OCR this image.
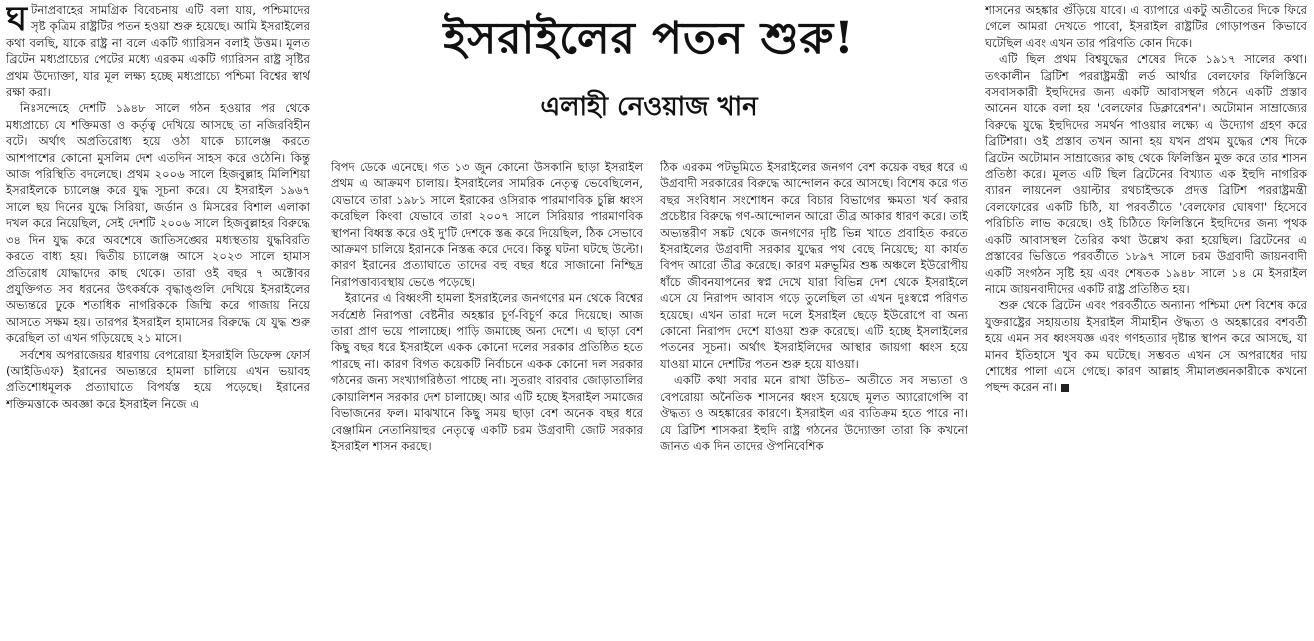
ঘটনাপ্রবাহের সামগ্রিক বিবেচনায় এটি বলা যায়, পশ্চিমাদের সৃষ্ট কৃত্রিম রাষ্ট্রটির পতন হওয়া শুরু হয়েছে। আমি ইসরাইলের কথা বলছি, যাকে রাষ্ট্র না বলে একটি গ্যারিসন বলাই উত্তম। মূলত ব্রিটেন মধ্যপ্রাচ্যের পেটের মধ্যে এরকম একটি গ্যারিসন রাষ্ট্র সৃষ্টির প্রথম উদ্যোক্তা, যার মূল লক্ষ্য হচ্ছে মধ্যপ্রাচ্যে পশ্চিমা বিশ্বের স্বার্থ রক্ষা করা।

নিঃসন্দেহে দেশটি ১৯৪৮ সালে গঠন হওয়ার পর থেকে মধ্যপ্রাচ্যে যে শক্তিমত্তা ও কর্তৃত্ব দেখিয়ে আসছে তা নজিরবিহীন বটে। অর্থাৎ অপ্রতিরোধ্য হয়ে ওঠা যাকে চ্যালেঞ্জ করতে আশপাশের কোনো মুসলিম দেশ এতদিন সাহস করে ওঠেনি। কিন্তু আজ পরিস্থিতি বদলেছে। প্রথম ২০০৬ সালে হিজবুল্লাহ মিলিশিয়া ইসরাইলকে চ্যালেঞ্জ করে যুদ্ধ সূচনা করে। যে ইসরাইল ১৯৬৭ সালে ছয় দিনের যুদ্ধে সিরিয়া, জর্ডান ও মিসরের বিশাল এলাকা দখল করে নিয়েছিল, সেই দেশটি ২০০৬ সালে হিজবুল্লাহর বিরুদ্ধে ৩৪ দিন যুদ্ধ করে অবশেষে জাতিসঙ্ঘের মধ্যস্থতায় যুদ্ধবিরতি করতে বাধ্য হয়। দ্বিতীয় চ্যালেঞ্জ আসে ২০২৩ সালে হামাস প্রতিরোধ যোদ্ধাদের কাছ থেকে। তারা ওই বছর ৭ অক্টোবর প্রযুক্তিগত সব ধরনের উৎকর্ষকে বৃদ্ধাঙ্গুলি দেখিয়ে ইসরাইলের অভ্যন্তরে ঢুকে শতাধিক নাগরিককে জিম্মি করে গাজায় নিয়ে আসতে সক্ষম হয়। তারপর ইসরাইল হামাসের বিরুদ্ধে যে যুদ্ধ শুরু করেছিল তা এখন গড়িয়েছে ২১ মাসে।

সর্বশেষ অপরাজেয়র ধারণায় বেপরোয়া ইসরাইলি ডিফেন্স ফোর্স (আইডিএফ) ইরানের অভ্যন্তরে হামলা চালিয়ে এখন ভয়াবহ প্রতিশোধমূলক প্রত্যাঘাতে বিপর্যস্ত হয়ে পড়েছে। ইরানের শক্তিমত্তাকে অবজ্ঞা করে ইসরাইল নিজে এ

ইসরাইলের পতন শুরু!
এলাহী নেওয়াজ খান

বিপদ ডেকে এনেছে। গত ১৩ জুন কোনো উসকানি ছাড়া ইসরাইল প্রথম এ আক্রমণ চালায়। ইসরাইলের সামরিক নেতৃত্ব ভেবেছিলেন, যেভাবে তারা ১৯৮১ সালে ইরাকের ওসিরাক পারমাণবিক চুল্লি ধ্বংস করেছিল কিংবা যেভাবে তারা ২০০৭ সালে সিরিয়ার পারমাণবিক স্থাপনা বিধ্বস্ত করে ওই দু'টি দেশকে স্তব্ধ করে দিয়েছিল, ঠিক সেভাবে আক্রমণ চালিয়ে ইরানকে নিস্তব্ধ করে দেবে। কিন্তু ঘটনা ঘটছে উল্টো। কারণ ইরানের প্রত্যাঘাতে তাদের বহু বছর ধরে সাজানো নিশ্ছিদ্র নিরাপত্তাব্যবস্থায় ভেঙে পড়েছে।

ইরানের এ বিধ্বংসী হামলা ইসরাইলের জনগণের মন থেকে বিশ্বের সর্বশ্রেষ্ঠ নিরাপত্তা বেষ্টনীর অহঙ্কার চূর্ণ-বিচূর্ণ করে দিয়েছে। আজ তারা প্রাণ ভয়ে পালাচ্ছে। পাড়ি জমাচ্ছে অন্য দেশে। এ ছাড়া বেশ কিছু বছর ধরে ইসরাইলে একক কোনো দলের সরকার প্রতিষ্ঠিত হতে পারছে না। কারণ বিগত কয়েকটি নির্বাচনে একক কোনো দল সরকার গঠনের জন্য সংখ্যাগরিষ্ঠতা পাচ্ছে না। সুতরাং বারবার জোড়াতালির কোয়ালিশন সরকার দেশ চালাচ্ছে। আর এটি হচ্ছে ইসরাইল সমাজের বিভাজনের ফল। মাঝখানে কিছু সময় ছাড়া বেশ অনেক বছর ধরে বেঞ্জামিন নেতানিয়াহুর নেতৃত্বে একটি চরম উগ্রবাদী জোট সরকার ইসরাইল শাসন করছে।

ঠিক এরকম পটভূমিতে ইসরাইলের জনগণ বেশ কয়েক বছর ধরে এ উগ্রবাদী সরকারের বিরুদ্ধে আন্দোলন করে আসছে। বিশেষ করে গত বছর সংবিধান সংশোধন করে বিচার বিভাগের ক্ষমতা খর্ব করার প্রচেষ্টার বিরুদ্ধে গণ-আন্দোলন আরো তীব্র আকার ধারণ করে। তাই অভ্যন্তরীণ সঙ্কট থেকে জনগণের দৃষ্টি ভিন্ন খাতে প্রবাহিত করতে ইসরাইলের উগ্রবাদী সরকার যুদ্ধের পথ বেছে নিয়েছে; যা কার্যত বিপদ আরো তীব্র করেছে। কারণ মরুভূমির শুষ্ক অঞ্চলে ইউরোপীয় ধাঁচে জীবনযাপনের স্বপ্ন দেখে যারা বিভিন্ন দেশ থেকে ইসরাইলে এসে যে নিরাপদ আবাস গড়ে তুলেছিল তা এখন দুঃস্বপ্নে পরিণত হয়েছে। এখন তারা দলে দলে ইসরাইল ছেড়ে ইউরোপে বা অন্য কোনো নিরাপদ দেশে যাওয়া শুরু করেছে। এটি হচ্ছে ইসলাইলের পতনের সূচনা। অর্থাৎ ইসরাইলিদের আস্থার জায়গা ধ্বংস হয়ে যাওয়া মানে দেশটির পতন শুরু হয়ে যাওয়া।

একটি কথা সবার মনে রাখা উচিত– অতীতে সব সভ্যতা ও বেপরোয়া অনৈতিক শাসনের ধ্বংস হয়েছে মূলত অ্যারোগেন্সি বা ঔদ্ধত্য ও অহঙ্কারের কারণে। ইসরাইল এর ব্যতিক্রম হতে পারে না। যে ব্রিটিশ শাসকরা ইহুদি রাষ্ট্র গঠনের উদ্যোক্তা তারা কি কখনো জানত এক দিন তাদের ঔপনিবেশিক

শাসনের অহঙ্কার গুঁড়িয়ে যাবে। এ ব্যাপারে একটু অতীতের দিকে ফিরে গেলে আমরা দেখতে পাবো, ইসরাইল রাষ্ট্রটির গোড়াপত্তন কিভাবে ঘটেছিল এবং এখন তার পরিণতি কোন দিকে।

এটি ছিল প্রথম বিশ্বযুদ্ধের শেষের দিকে ১৯১৭ সালের কথা। তৎকালীন ব্রিটিশ পররাষ্ট্রমন্ত্রী লর্ড আর্থার বেলফোর ফিলিস্তিনে বসবাসকারী ইহুদিদের জন্য একটি আবাসস্থল গঠনে একটি প্রস্তাব আনেন যাকে বলা হয় 'বেলফোর ডিক্লারেশন'। অটোমান সাম্রাজ্যের বিরুদ্ধে যুদ্ধে ইহুদিদের সমর্থন পাওয়ার লক্ষ্যে এ উদ্যোগ গ্রহণ করে ব্রিটিশরা। ওই প্রস্তাব তখন আনা হয় যখন প্রথম যুদ্ধের শেষ দিকে ব্রিটেন অটোমান সাম্রাজ্যের কাছ থেকে ফিলিস্তিন মুক্ত করে তার শাসন প্রতিষ্ঠা করে। মূলত এটি ছিল ব্রিটেনের বিখ্যাত এক ইহুদি নাগরিক ব্যারন লায়নেল ওয়াল্টার রথচাইল্ডকে প্রদত্ত ব্রিটিশ পররাষ্ট্রমন্ত্রী বেলফোরের একটি চিঠি, যা পরবর্তীতে 'বেলফোর ঘোষণা' হিসেবে পরিচিতি লাভ করেছে। ওই চিঠিতে ফিলিস্তিনে ইহুদিদের জন্য পৃথক একটি আবাসস্থল তৈরির কথা উল্লেখ করা হয়েছিল। ব্রিটেনের এ প্রস্তাবের ভিত্তিতে পরবর্তীতে ১৮৯৭ সালে চরম উগ্রবাদী জায়নবাদী একটি সংগঠন সৃষ্টি হয় এবং শেষতক ১৯৪৮ সালে ১৪ মে ইসরাইল নামে জায়নবাদীদের একটি রাষ্ট্র প্রতিষ্ঠিত হয়।

শুরু থেকে ব্রিটেন এবং পরবর্তীতে অন্যান্য পশ্চিমা দেশ বিশেষ করে যুক্তরাষ্ট্রের সহায়তায় ইসরাইল সীমাহীন ঔদ্ধত্য ও অহঙ্কারের বশবর্তী হয়ে এমন সব ধ্বংসযজ্ঞ এবং গণহত্যার দৃষ্টান্ত স্থাপন করে আসছে, যা মানব ইতিহাসে খুব কম ঘটেছে। সম্ভবত এখন সে অপরাধের দায় শোধের পালা এসে গেছে। কারণ আল্লাহ সীমালঙ্ঘনকারীকে কখনো পছন্দ করেন না।
